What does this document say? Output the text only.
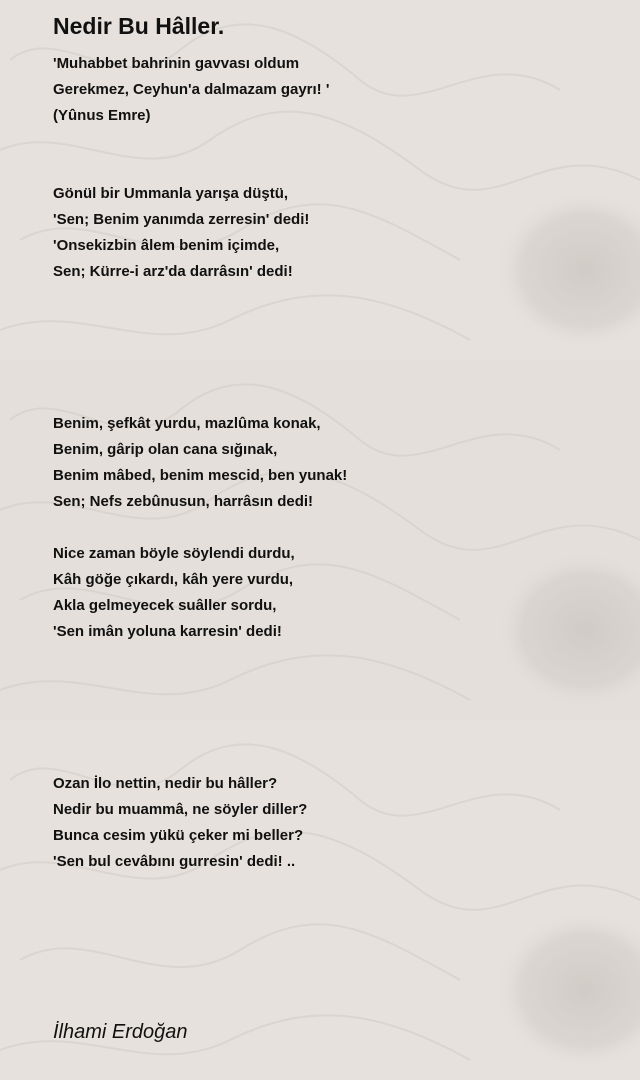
Nedir Bu Hâller.
'Muhabbet bahrinin gavvası oldum
Gerekmez, Ceyhun'a dalmazam gayrı! '
(Yûnus Emre)
Gönül bir Ummanla yarışa düştü,
'Sen; Benim yanımda zerresin' dedi!
'Onsekizbin âlem benim içimde,
Sen; Kürre-i arz'da darrâsın' dedi!
Benim, şefkât yurdu, mazlûma konak,
Benim, gârip olan cana sığınak,
Benim mâbed, benim mescid, ben yunak!
Sen; Nefs zebûnusun, harrâsın dedi!
Nice zaman böyle söylendi durdu,
Kâh göğe çıkardı, kâh yere vurdu,
Akla gelmeyecek suâller sordu,
'Sen imân yoluna karresin' dedi!
Ozan İlo nettin, nedir bu hâller?
Nedir bu muammâ, ne söyler diller?
Bunca cesim yükü çeker mi beller?
'Sen bul cevâbını gurresin' dedi! ..
İlhami Erdoğan
